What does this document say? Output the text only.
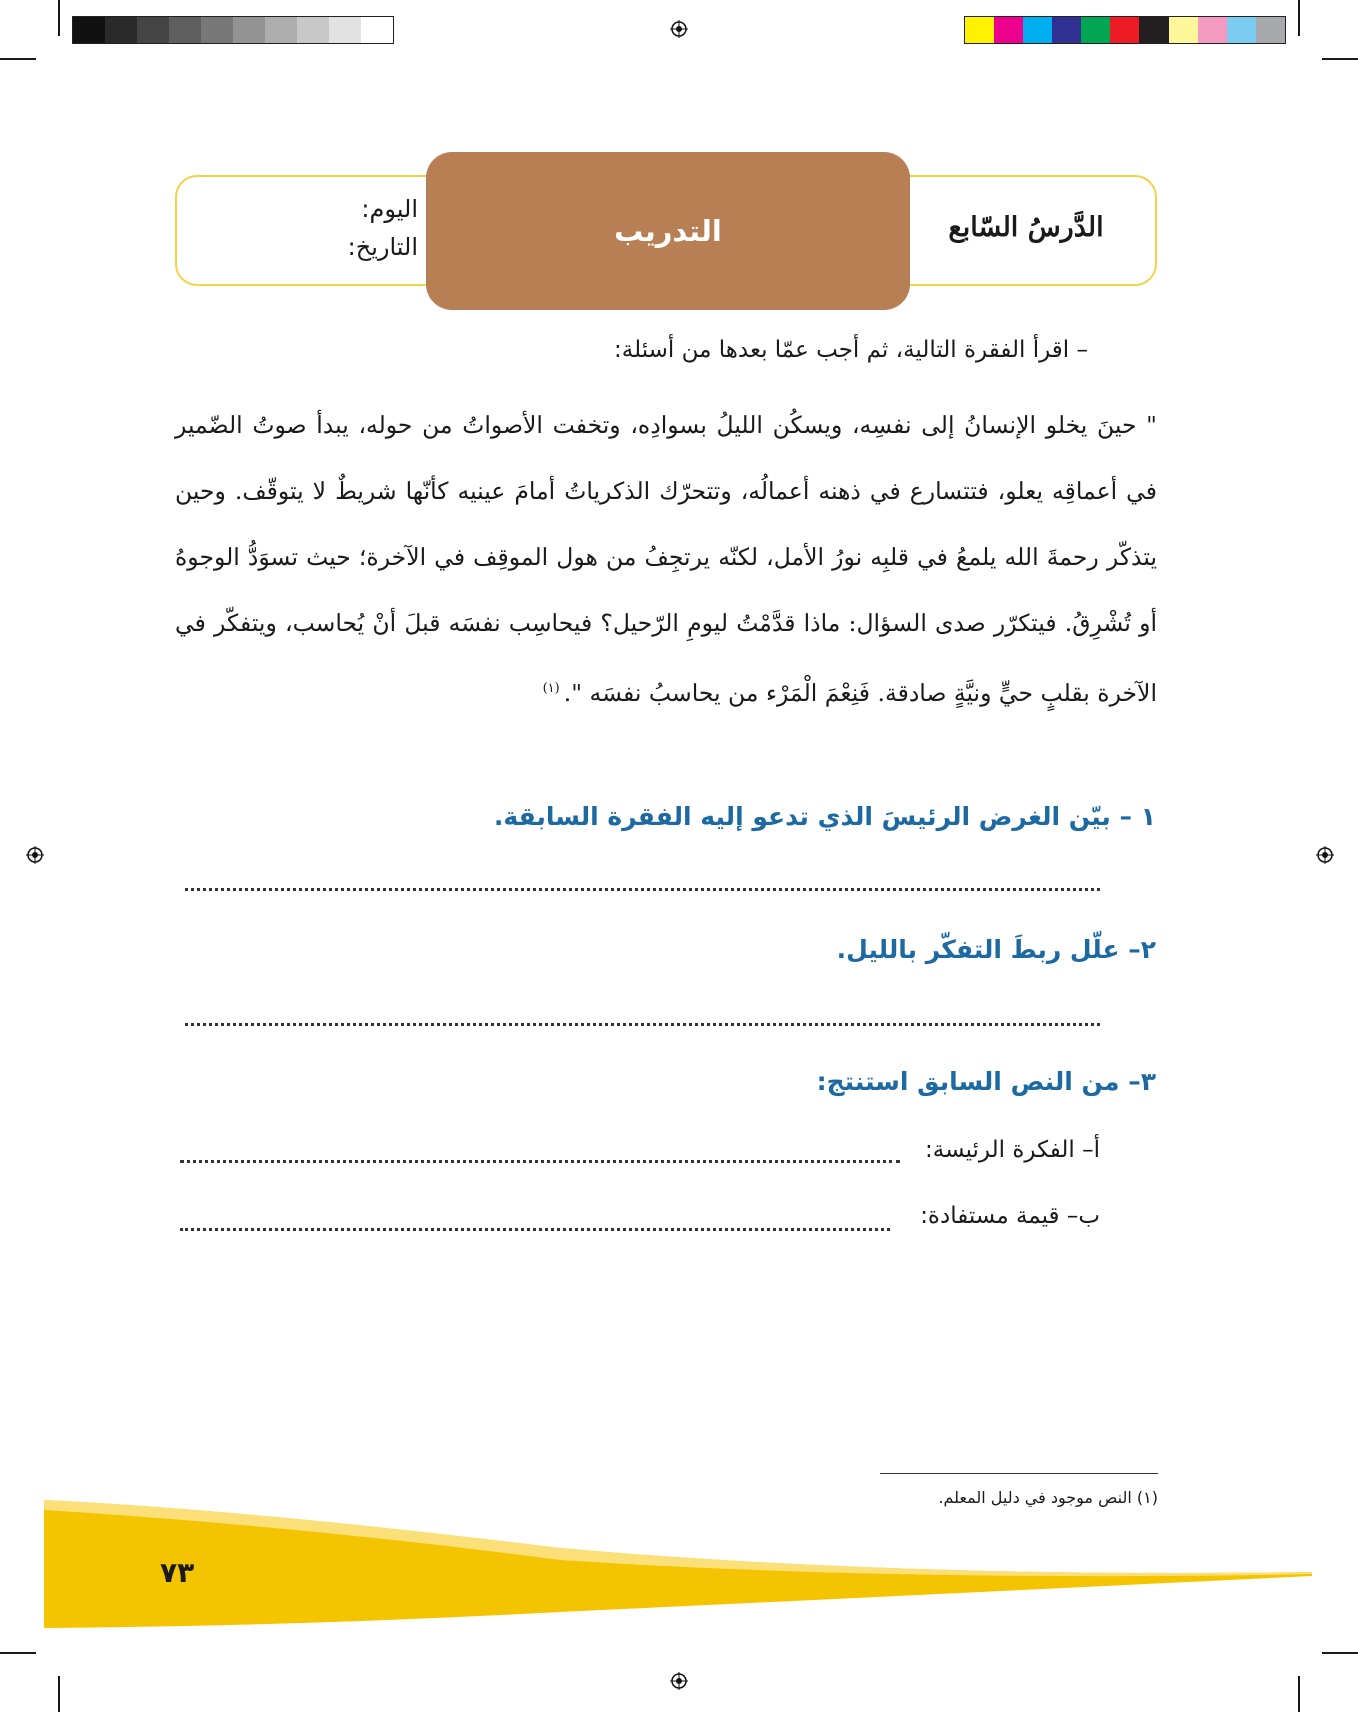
الدَّرسُ السّابع
التدريب
اليوم:
التاريخ:
– اقرأ الفقرة التالية، ثم أجب عمّا بعدها من أسئلة:
" حينَ يخلو الإنسانُ إلى نفسِه، ويسكُن الليلُ بسوادِه، وتخفت الأصواتُ من حوله، يبدأ صوتُ الضّمير في أعماقِه يعلو، فتتسارع في ذهنه أعمالُه، وتتحرّك الذكرياتُ أمامَ عينيه كأنّها شريطٌ لا يتوقّف. وحين يتذكّر رحمةَ الله يلمعُ في قلبِه نورُ الأمل، لكنّه يرتجِفُ من هول الموقِف في الآخرة؛ حيث تسوَدُّ الوجوهُ أو تُشْرِقُ. فيتكرّر صدى السؤال: ماذا قدَّمْتُ ليومِ الرّحيل؟ فيحاسِب نفسَه قبلَ أنْ يُحاسب، ويتفكّر في الآخرة بقلبٍ حيٍّ ونيَّةٍ صادقة. فَنِعْمَ الْمَرْء من يحاسبُ نفسَه ".$^{(١)}$
١ – بيّن الغرض الرئيسَ الذي تدعو إليه الفقرة السابقة.
٢– علّل ربطَ التفكّر بالليل.
٣– من النص السابق استنتج:
أ– الفكرة الرئيسة:
ب– قيمة مستفادة:
(١) النص موجود في دليل المعلم.
٧٣
